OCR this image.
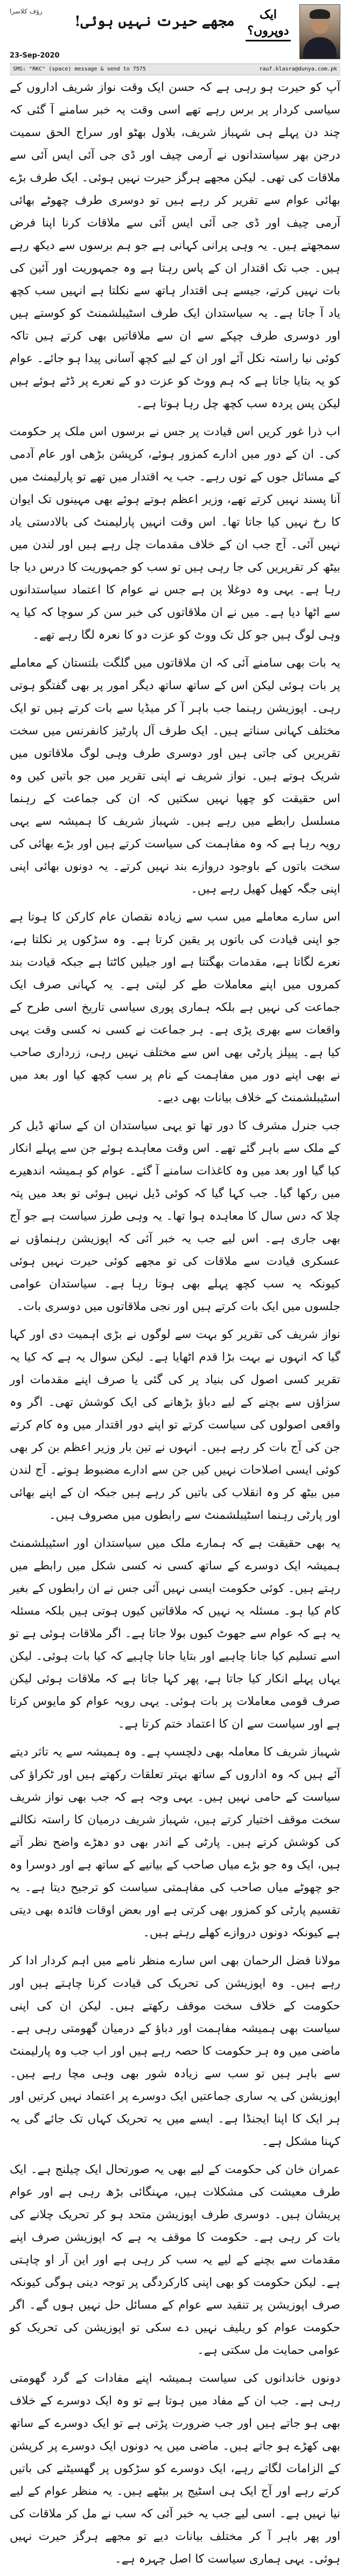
ایک دوپروں؟
مجھے حیرت نہیں ہوئی!
رؤف کلاسرا
23-Sep-2020
SMS: "RKC" (space) message & send to 7575	rauf.klasra@dunya.com.pk

آپ کو حیرت ہو رہی ہے کہ حسن ایک وقت نواز شریف اداروں کے سیاسی کردار پر برس رہے تھے اسی وقت یہ خبر سامنے آ گئی کہ چند دن پہلے ہی شہباز شریف، بلاول بھٹو اور سراج الحق سمیت درجن بھر سیاستدانوں نے آرمی چیف اور ڈی جی آئی ایس آئی سے ملاقات کی تھی۔ لیکن مجھے ہرگز حیرت نہیں ہوئی۔ ایک طرف بڑے بھائی عوام سے تقریر کر رہے ہیں تو دوسری طرف چھوٹے بھائی آرمی چیف اور ڈی جی آئی ایس آئی سے ملاقات کرنا اپنا فرض سمجھتے ہیں۔ یہ وہی پرانی کہانی ہے جو ہم برسوں سے دیکھ رہے ہیں۔ جب تک اقتدار ان کے پاس رہتا ہے وہ جمہوریت اور آئین کی بات نہیں کرتے، جیسے ہی اقتدار ہاتھ سے نکلتا ہے انہیں سب کچھ یاد آ جاتا ہے۔ یہ سیاستدان ایک طرف اسٹیبلشمنٹ کو کوستے ہیں اور دوسری طرف چپکے سے ان سے ملاقاتیں بھی کرتے ہیں تاکہ کوئی نیا راستہ نکل آئے اور ان کے لیے کچھ آسانی پیدا ہو جائے۔ عوام کو یہ بتایا جاتا ہے کہ ہم ووٹ کو عزت دو کے نعرے پر ڈٹے ہوئے ہیں لیکن پس پردہ سب کچھ چل رہا ہوتا ہے۔

اب ذرا غور کریں اس قیادت پر جس نے برسوں اس ملک پر حکومت کی۔ ان کے دور میں ادارے کمزور ہوئے، کرپشن بڑھی اور عام آدمی کے مسائل جوں کے توں رہے۔ جب یہ اقتدار میں تھے تو پارلیمنٹ میں آنا پسند نہیں کرتے تھے، وزیر اعظم ہوتے ہوئے بھی مہینوں تک ایوان کا رخ نہیں کیا جاتا تھا۔ اس وقت انہیں پارلیمنٹ کی بالادستی یاد نہیں آئی۔ آج جب ان کے خلاف مقدمات چل رہے ہیں اور لندن میں بیٹھ کر تقریریں کی جا رہی ہیں تو سب کو جمہوریت کا درس دیا جا رہا ہے۔ یہی وہ دوغلا پن ہے جس نے عوام کا اعتماد سیاستدانوں سے اٹھا دیا ہے۔ میں نے ان ملاقاتوں کی خبر سن کر سوچا کہ کیا یہ وہی لوگ ہیں جو کل تک ووٹ کو عزت دو کا نعرہ لگا رہے تھے۔

یہ بات بھی سامنے آئی کہ ان ملاقاتوں میں گلگت بلتستان کے معاملے پر بات ہوئی لیکن اس کے ساتھ ساتھ دیگر امور پر بھی گفتگو ہوتی رہی۔ اپوزیشن رہنما جب باہر آ کر میڈیا سے بات کرتے ہیں تو ایک مختلف کہانی سناتے ہیں۔ ایک طرف آل پارٹیز کانفرنس میں سخت تقریریں کی جاتی ہیں اور دوسری طرف وہی لوگ ملاقاتوں میں شریک ہوتے ہیں۔ نواز شریف نے اپنی تقریر میں جو باتیں کیں وہ اس حقیقت کو چھپا نہیں سکتیں کہ ان کی جماعت کے رہنما مسلسل رابطے میں رہے ہیں۔ شہباز شریف کا ہمیشہ سے یہی رویہ رہا ہے کہ وہ مفاہمت کی سیاست کرتے ہیں اور بڑے بھائی کی سخت باتوں کے باوجود دروازے بند نہیں کرتے۔ یہ دونوں بھائی اپنی اپنی جگہ کھیل کھیل رہے ہیں۔

اس سارے معاملے میں سب سے زیادہ نقصان عام کارکن کا ہوتا ہے جو اپنی قیادت کی باتوں پر یقین کرتا ہے۔ وہ سڑکوں پر نکلتا ہے، نعرے لگاتا ہے، مقدمات بھگتتا ہے اور جیلیں کاٹتا ہے جبکہ قیادت بند کمروں میں اپنے معاملات طے کر لیتی ہے۔ یہ کہانی صرف ایک جماعت کی نہیں ہے بلکہ ہماری پوری سیاسی تاریخ اسی طرح کے واقعات سے بھری پڑی ہے۔ ہر جماعت نے کسی نہ کسی وقت یہی کیا ہے۔ پیپلز پارٹی بھی اس سے مختلف نہیں رہی، زرداری صاحب نے بھی اپنے دور میں مفاہمت کے نام پر سب کچھ کیا اور بعد میں اسٹیبلشمنٹ کے خلاف بیانات بھی دیے۔

جب جنرل مشرف کا دور تھا تو یہی سیاستدان ان کے ساتھ ڈیل کر کے ملک سے باہر گئے تھے۔ اس وقت معاہدے ہوئے جن سے پہلے انکار کیا گیا اور بعد میں وہ کاغذات سامنے آ گئے۔ عوام کو ہمیشہ اندھیرے میں رکھا گیا۔ جب کہا گیا کہ کوئی ڈیل نہیں ہوئی تو بعد میں پتہ چلا کہ دس سال کا معاہدہ ہوا تھا۔ یہ وہی طرز سیاست ہے جو آج بھی جاری ہے۔ اس لیے جب یہ خبر آئی کہ اپوزیشن رہنماؤں نے عسکری قیادت سے ملاقات کی تو مجھے کوئی حیرت نہیں ہوئی کیونکہ یہ سب کچھ پہلے بھی ہوتا رہا ہے۔ سیاستدان عوامی جلسوں میں ایک بات کرتے ہیں اور نجی ملاقاتوں میں دوسری بات۔

نواز شریف کی تقریر کو بہت سے لوگوں نے بڑی اہمیت دی اور کہا گیا کہ انہوں نے بہت بڑا قدم اٹھایا ہے۔ لیکن سوال یہ ہے کہ کیا یہ تقریر کسی اصول کی بنیاد پر کی گئی یا صرف اپنے مقدمات اور سزاؤں سے بچنے کے لیے دباؤ بڑھانے کی ایک کوشش تھی۔ اگر وہ واقعی اصولوں کی سیاست کرتے تو اپنے دور اقتدار میں وہ کام کرتے جن کی آج بات کر رہے ہیں۔ انہوں نے تین بار وزیر اعظم بن کر بھی کوئی ایسی اصلاحات نہیں کیں جن سے ادارے مضبوط ہوتے۔ آج لندن میں بیٹھ کر وہ انقلاب کی باتیں کر رہے ہیں جبکہ ان کے اپنے بھائی اور پارٹی رہنما اسٹیبلشمنٹ سے رابطوں میں مصروف ہیں۔

یہ بھی حقیقت ہے کہ ہمارے ملک میں سیاستدان اور اسٹیبلشمنٹ ہمیشہ ایک دوسرے کے ساتھ کسی نہ کسی شکل میں رابطے میں رہتے ہیں۔ کوئی حکومت ایسی نہیں آئی جس نے ان رابطوں کے بغیر کام کیا ہو۔ مسئلہ یہ نہیں کہ ملاقاتیں کیوں ہوتی ہیں بلکہ مسئلہ یہ ہے کہ عوام سے جھوٹ کیوں بولا جاتا ہے۔ اگر ملاقات ہوئی ہے تو اسے تسلیم کیا جانا چاہیے اور بتایا جانا چاہیے کہ کیا بات ہوئی۔ لیکن یہاں پہلے انکار کیا جاتا ہے، پھر کہا جاتا ہے کہ ملاقات ہوئی لیکن صرف قومی معاملات پر بات ہوئی۔ یہی رویہ عوام کو مایوس کرتا ہے اور سیاست سے ان کا اعتماد ختم کرتا ہے۔

شہباز شریف کا معاملہ بھی دلچسپ ہے۔ وہ ہمیشہ سے یہ تاثر دیتے آئے ہیں کہ وہ اداروں کے ساتھ بہتر تعلقات رکھتے ہیں اور ٹکراؤ کی سیاست کے حامی نہیں ہیں۔ یہی وجہ ہے کہ جب بھی نواز شریف سخت موقف اختیار کرتے ہیں، شہباز شریف درمیان کا راستہ نکالنے کی کوشش کرتے ہیں۔ پارٹی کے اندر بھی دو دھڑے واضح نظر آتے ہیں، ایک وہ جو بڑے میاں صاحب کے بیانیے کے ساتھ ہے اور دوسرا وہ جو چھوٹے میاں صاحب کی مفاہمتی سیاست کو ترجیح دیتا ہے۔ یہ تقسیم پارٹی کو کمزور بھی کرتی ہے اور بعض اوقات فائدہ بھی دیتی ہے کیونکہ دونوں دروازے کھلے رہتے ہیں۔

مولانا فضل الرحمان بھی اس سارے منظر نامے میں اہم کردار ادا کر رہے ہیں۔ وہ اپوزیشن کی تحریک کی قیادت کرنا چاہتے ہیں اور حکومت کے خلاف سخت موقف رکھتے ہیں۔ لیکن ان کی اپنی سیاست بھی ہمیشہ مفاہمت اور دباؤ کے درمیان گھومتی رہی ہے۔ ماضی میں وہ ہر حکومت کا حصہ رہے ہیں اور اب جب وہ پارلیمنٹ سے باہر ہیں تو سب سے زیادہ شور بھی وہی مچا رہے ہیں۔ اپوزیشن کی یہ ساری جماعتیں ایک دوسرے پر اعتماد نہیں کرتیں اور ہر ایک کا اپنا ایجنڈا ہے۔ ایسے میں یہ تحریک کہاں تک جائے گی یہ کہنا مشکل ہے۔

عمران خان کی حکومت کے لیے بھی یہ صورتحال ایک چیلنج ہے۔ ایک طرف معیشت کی مشکلات ہیں، مہنگائی بڑھ رہی ہے اور عوام پریشان ہیں۔ دوسری طرف اپوزیشن متحد ہو کر تحریک چلانے کی بات کر رہی ہے۔ حکومت کا موقف یہ ہے کہ اپوزیشن صرف اپنے مقدمات سے بچنے کے لیے یہ سب کر رہی ہے اور این آر او چاہتی ہے۔ لیکن حکومت کو بھی اپنی کارکردگی پر توجہ دینی ہوگی کیونکہ صرف اپوزیشن پر تنقید سے عوام کے مسائل حل نہیں ہوں گے۔ اگر حکومت عوام کو ریلیف نہیں دے سکی تو اپوزیشن کی تحریک کو عوامی حمایت مل سکتی ہے۔

دونوں خاندانوں کی سیاست ہمیشہ اپنے مفادات کے گرد گھومتی رہی ہے۔ جب ان کے مفاد میں ہوتا ہے تو وہ ایک دوسرے کے خلاف بھی ہو جاتے ہیں اور جب ضرورت پڑتی ہے تو ایک دوسرے کے ساتھ بھی کھڑے ہو جاتے ہیں۔ ماضی میں یہ دونوں ایک دوسرے پر کرپشن کے الزامات لگاتے رہے، ایک دوسرے کو سڑکوں پر گھسیٹنے کی باتیں کرتے رہے اور آج ایک ہی اسٹیج پر بیٹھے ہیں۔ یہ منظر عوام کے لیے نیا نہیں ہے۔ اسی لیے جب یہ خبر آئی کہ سب نے مل کر ملاقات کی اور پھر باہر آ کر مختلف بیانات دیے تو مجھے ہرگز حیرت نہیں ہوئی۔ یہی ہماری سیاست کا اصل چہرہ ہے۔
